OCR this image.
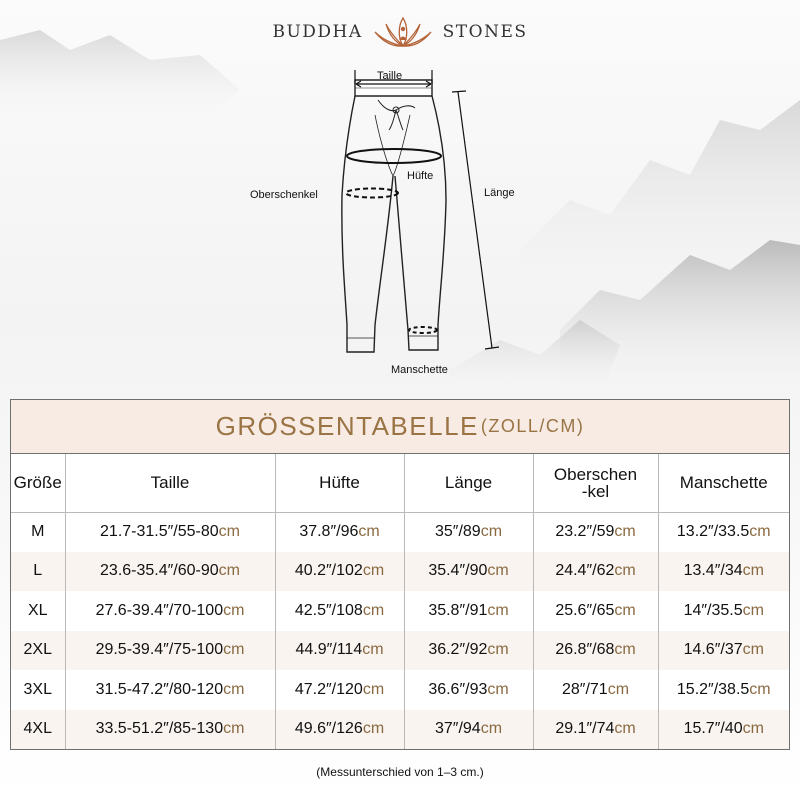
BUDDHA	STONES
Taille
Hüfte
Oberschenkel	Länge
Manschette
GRÖSSENTABELLE (ZOLL/CM)
Größe	Taille	Hüfte	Länge	Oberschen
-kel	Manschette
M	21.7-31.5″/55-80cm	37.8″/96cm	35″/89cm	23.2″/59cm	13.2″/33.5cm
L	23.6-35.4″/60-90cm	40.2″/102cm	35.4″/90cm	24.4″/62cm	13.4″/34cm
XL	27.6-39.4″/70-100cm	42.5″/108cm	35.8″/91cm	25.6″/65cm	14″/35.5cm
2XL	29.5-39.4″/75-100cm	44.9″/114cm	36.2″/92cm	26.8″/68cm	14.6″/37cm
3XL	31.5-47.2″/80-120cm	47.2″/120cm	36.6″/93cm	28″/71cm	15.2″/38.5cm
4XL	33.5-51.2″/85-130cm	49.6″/126cm	37″/94cm	29.1″/74cm	15.7″/40cm
(Messunterschied von 1–3 cm.)
